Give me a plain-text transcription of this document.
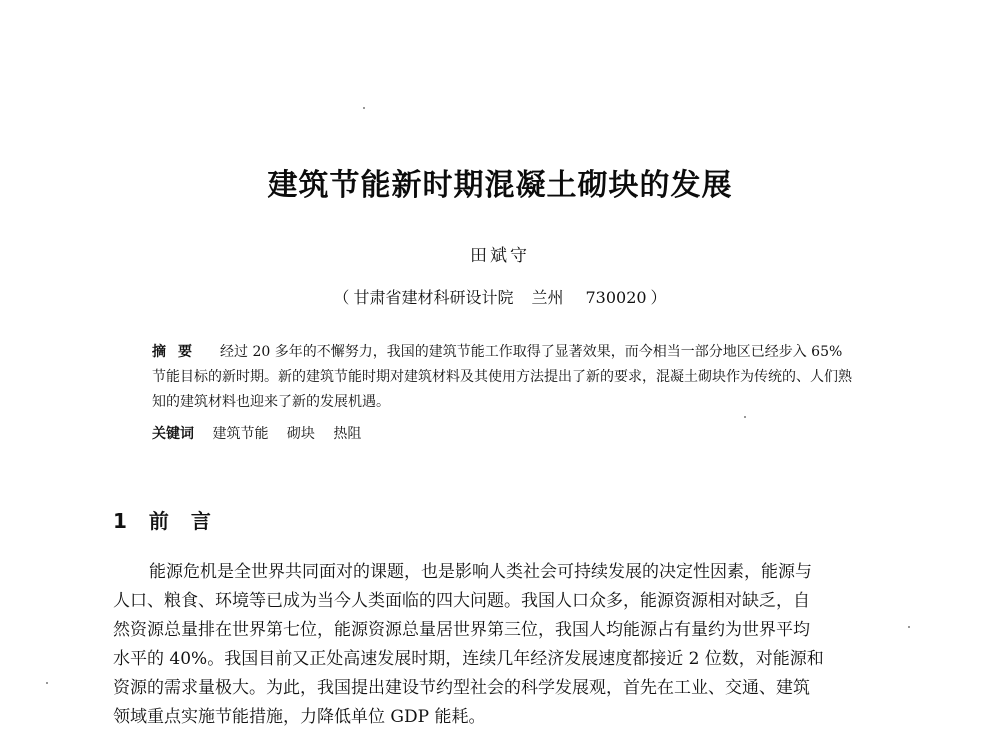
建筑节能新时期混凝土砌块的发展
田斌守
（ 甘肃省建材科研设计院 兰州 730020 ）
摘要 经过 20 多年的不懈努力，我国的建筑节能工作取得了显著效果，而今相当一部分地区已经步入 65%节能目标的新时期。新的建筑节能时期对建筑材料及其使用方法提出了新的要求，混凝土砌块作为传统的、人们熟知的建筑材料也迎来了新的发展机遇。
关键词 建筑节能 砌块 热阻
1 前言
能源危机是全世界共同面对的课题，也是影响人类社会可持续发展的决定性因素，能源与
人口、粮食、环境等已成为当今人类面临的四大问题。我国人口众多，能源资源相对缺乏，自
然资源总量排在世界第七位，能源资源总量居世界第三位，我国人均能源占有量约为世界平均
水平的 40%。我国目前又正处高速发展时期，连续几年经济发展速度都接近 2 位数，对能源和
资源的需求量极大。为此，我国提出建设节约型社会的科学发展观，首先在工业、交通、建筑
领域重点实施节能措施，力降低单位 GDP 能耗。
